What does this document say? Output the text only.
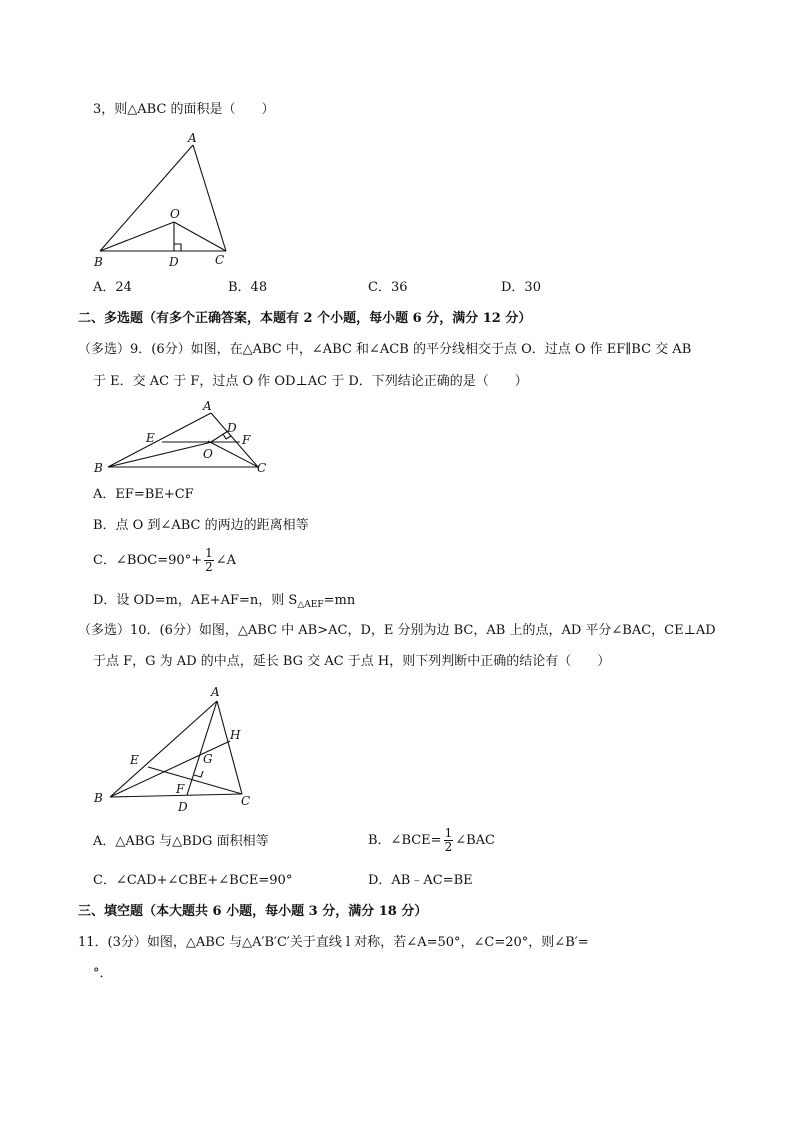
3，则△ABC 的面积是（　　）
A
O
B	D	C
A．24	B．48	C．36	D．30
二、多选题（有多个正确答案，本题有 2 个小题，每小题 6 分，满分 12 分）
（多选）9．(6分）如图，在△ABC 中，∠ABC 和∠ACB 的平分线相交于点 O．过点 O 作 EF∥BC 交 AB
于 E．交 AC 于 F，过点 O 作 OD⊥AC 于 D．下列结论正确的是（　　）
A
D
E	F
O
B	C
A．EF=BE+CF
B．点 O 到∠ABC 的两边的距离相等
C．∠BOC=90°+ $\frac{1}{2}$ ∠A
D．设 OD=m，AE+AF=n，则 $S_{\triangle AEF}=mn$
（多选）10．(6分）如图，△ABC 中 AB>AC，D，E 分别为边 BC，AB 上的点，AD 平分∠BAC，CE⊥AD
于点 F，G 为 AD 的中点，延长 BG 交 AC 于点 H，则下列判断中正确的结论有（　　）
A
H
E	G
F
B
D	C
A．△ABG 与△BDG 面积相等	B．∠BCE= $\frac{1}{2}$ ∠BAC
C．∠CAD+∠CBE+∠BCE=90°	D．AB﹣AC=BE
三、填空题（本大题共 6 小题，每小题 3 分，满分 18 分）
11．(3分）如图，△ABC 与△A′B′C′关于直线 l 对称，若∠A=50°，∠C=20°，则∠B′=
°．
